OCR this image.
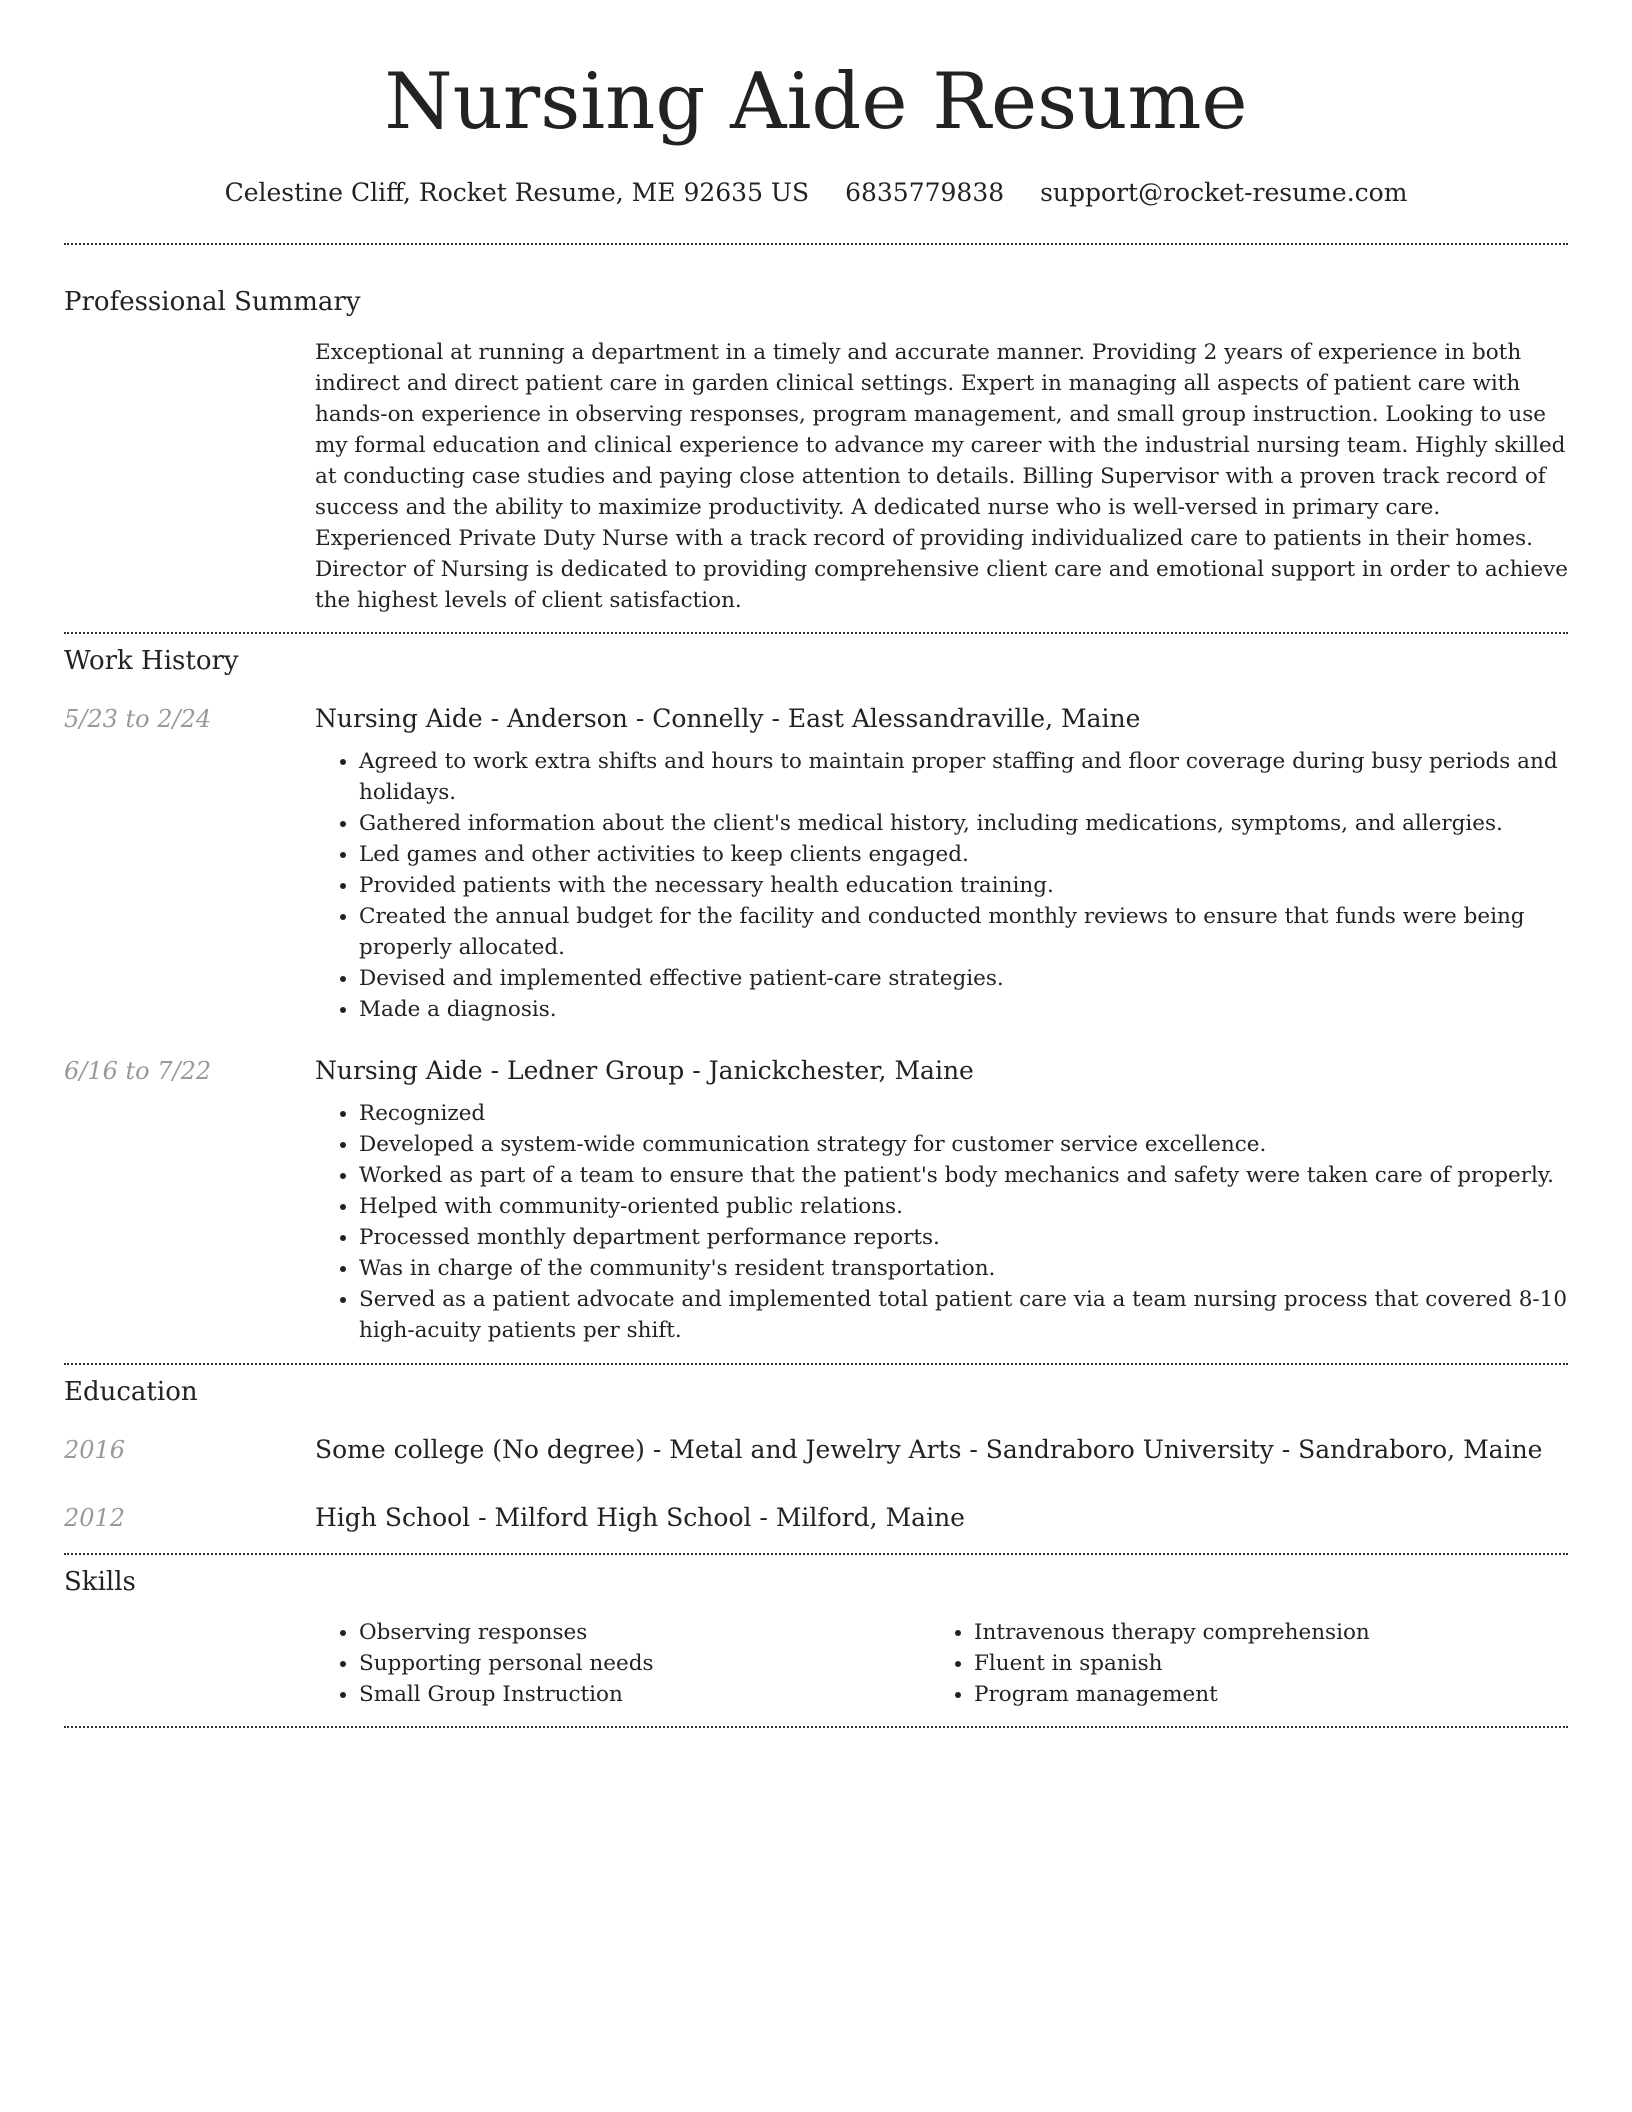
Nursing Aide Resume
Celestine Cliff, Rocket Resume, ME 92635 US 6835779838 support@rocket-resume.com
Professional Summary

Exceptional at running a department in a timely and accurate manner. Providing 2 years of experience in both indirect and direct patient care in garden clinical settings. Expert in managing all aspects of patient care with hands-on experience in observing responses, program management, and small group instruction. Looking to use my formal education and clinical experience to advance my career with the industrial nursing team. Highly skilled at conducting case studies and paying close attention to details. Billing Supervisor with a proven track record of success and the ability to maximize productivity. A dedicated nurse who is well-versed in primary care. Experienced Private Duty Nurse with a track record of providing individualized care to patients in their homes. Director of Nursing is dedicated to providing comprehensive client care and emotional support in order to achieve the highest levels of client satisfaction.

Work History
5/23 to 2/24	Nursing Aide - Anderson - Connelly - East Alessandraville, Maine
• Agreed to work extra shifts and hours to maintain proper staffing and floor coverage during busy periods and holidays.
• Gathered information about the client's medical history, including medications, symptoms, and allergies.
• Led games and other activities to keep clients engaged.
• Provided patients with the necessary health education training.
• Created the annual budget for the facility and conducted monthly reviews to ensure that funds were being properly allocated.
• Devised and implemented effective patient-care strategies.
• Made a diagnosis.
6/16 to 7/22	Nursing Aide - Ledner Group - Janickchester, Maine
• Recognized
• Developed a system-wide communication strategy for customer service excellence.
• Worked as part of a team to ensure that the patient's body mechanics and safety were taken care of properly.
• Helped with community-oriented public relations.
• Processed monthly department performance reports.
• Was in charge of the community's resident transportation.
• Served as a patient advocate and implemented total patient care via a team nursing process that covered 8-10 high-acuity patients per shift.
Education
2016	Some college (No degree) - Metal and Jewelry Arts - Sandraboro University - Sandraboro, Maine
2012	High School - Milford High School - Milford, Maine
Skills
• Observing responses
• Supporting personal needs
• Small Group Instruction
• Intravenous therapy comprehension
• Fluent in spanish
• Program management
